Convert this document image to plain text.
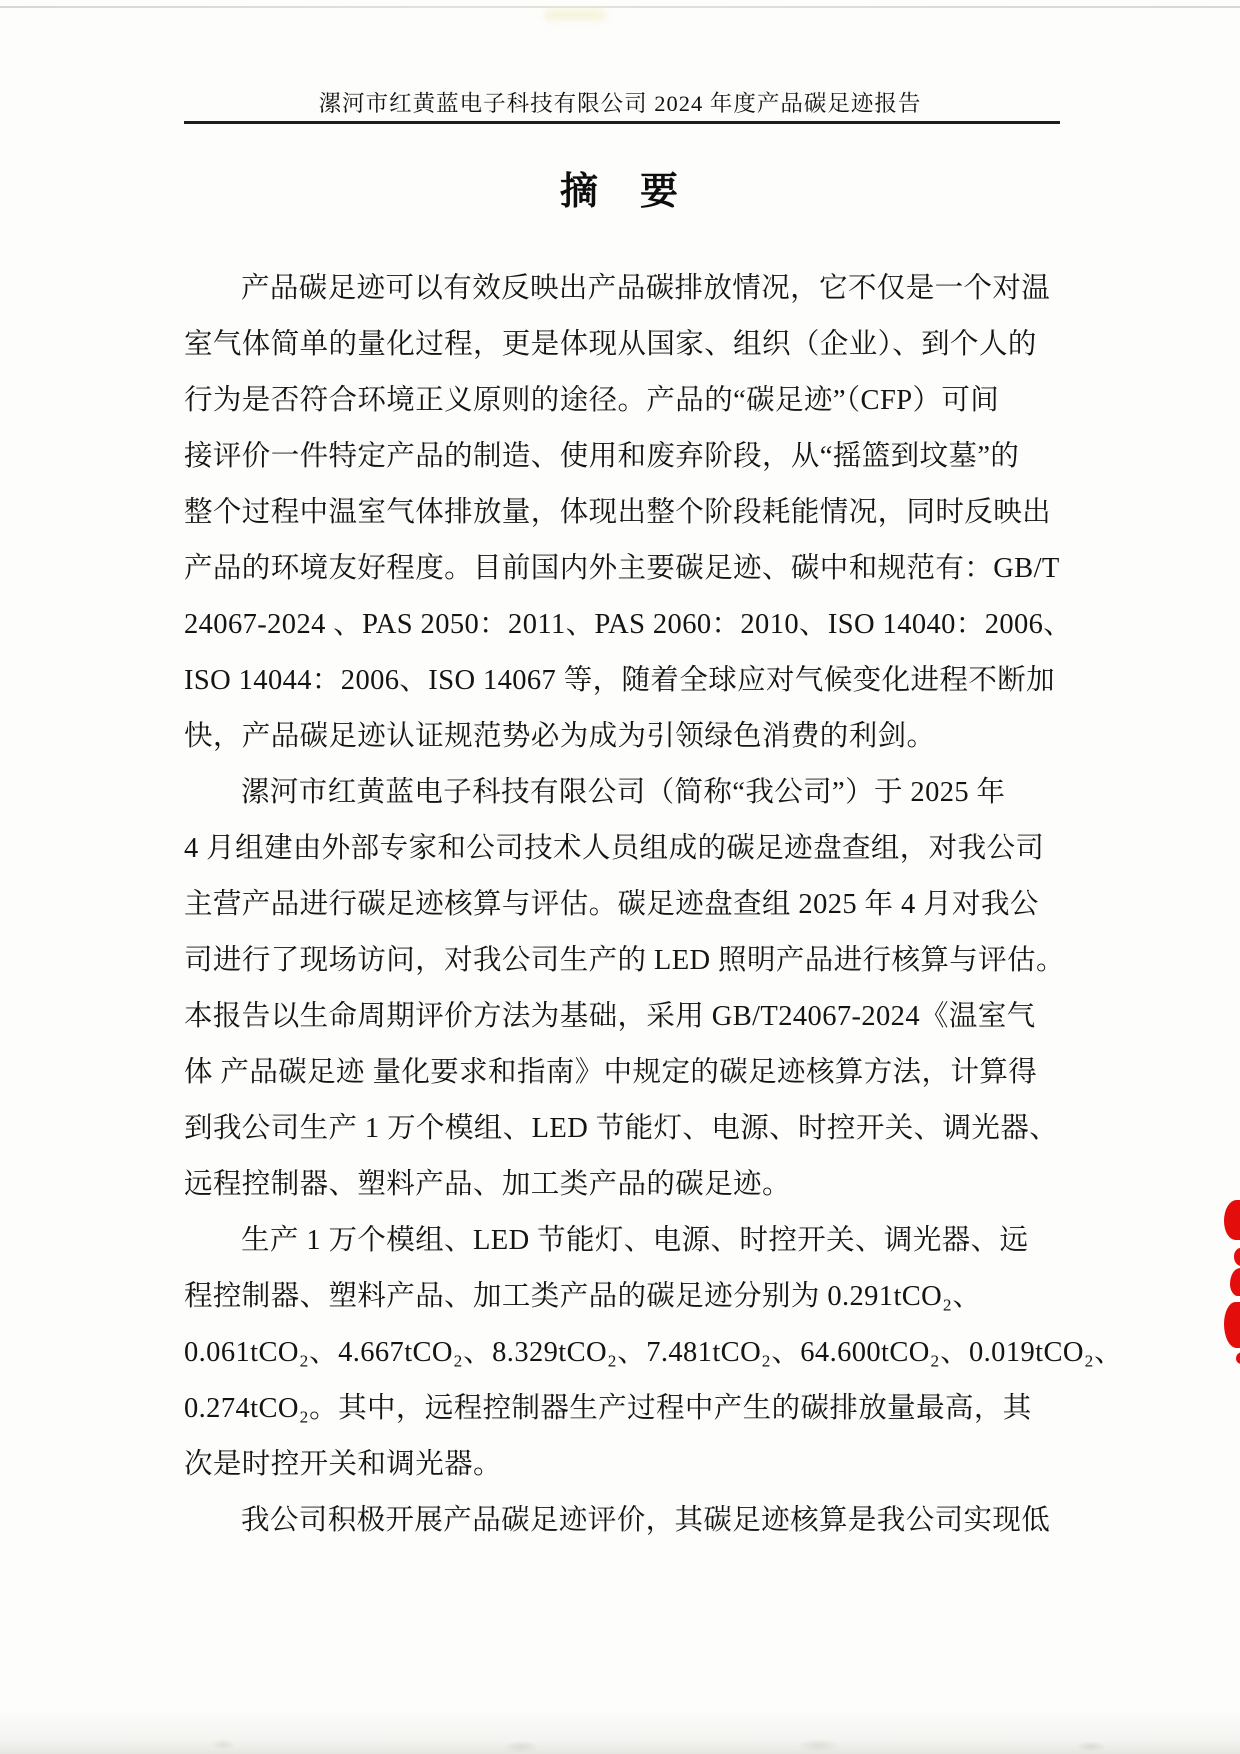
漯河市红黄蓝电子科技有限公司 2024 年度产品碳足迹报告
摘　要
产品碳足迹可以有效反映出产品碳排放情况，它不仅是一个对温
室气体简单的量化过程，更是体现从国家、组织（企业）、到个人的
行为是否符合环境正义原则的途径。产品的“碳足迹”（CFP）可间
接评价一件特定产品的制造、使用和废弃阶段，从“摇篮到坟墓”的
整个过程中温室气体排放量，体现出整个阶段耗能情况，同时反映出
产品的环境友好程度。目前国内外主要碳足迹、碳中和规范有：GB/T
24067-2024 、PAS 2050：2011、PAS 2060：2010、ISO 14040：2006、
ISO 14044：2006、ISO 14067 等，随着全球应对气候变化进程不断加
快，产品碳足迹认证规范势必为成为引领绿色消费的利剑。
漯河市红黄蓝电子科技有限公司（简称“我公司”）于 2025 年
4 月组建由外部专家和公司技术人员组成的碳足迹盘查组，对我公司
主营产品进行碳足迹核算与评估。碳足迹盘查组 2025 年 4 月对我公
司进行了现场访问，对我公司生产的 LED 照明产品进行核算与评估。
本报告以生命周期评价方法为基础，采用 GB/T24067-2024《温室气
体 产品碳足迹 量化要求和指南》中规定的碳足迹核算方法，计算得
到我公司生产 1 万个模组、LED 节能灯、电源、时控开关、调光器、
远程控制器、塑料产品、加工类产品的碳足迹。
生产 1 万个模组、LED 节能灯、电源、时控开关、调光器、远
程控制器、塑料产品、加工类产品的碳足迹分别为 0.291tCO₂、
0.061tCO₂、4.667tCO₂、8.329tCO₂、7.481tCO₂、64.600tCO₂、0.019tCO₂、
0.274tCO₂。其中，远程控制器生产过程中产生的碳排放量最高，其
次是时控开关和调光器。
我公司积极开展产品碳足迹评价，其碳足迹核算是我公司实现低
